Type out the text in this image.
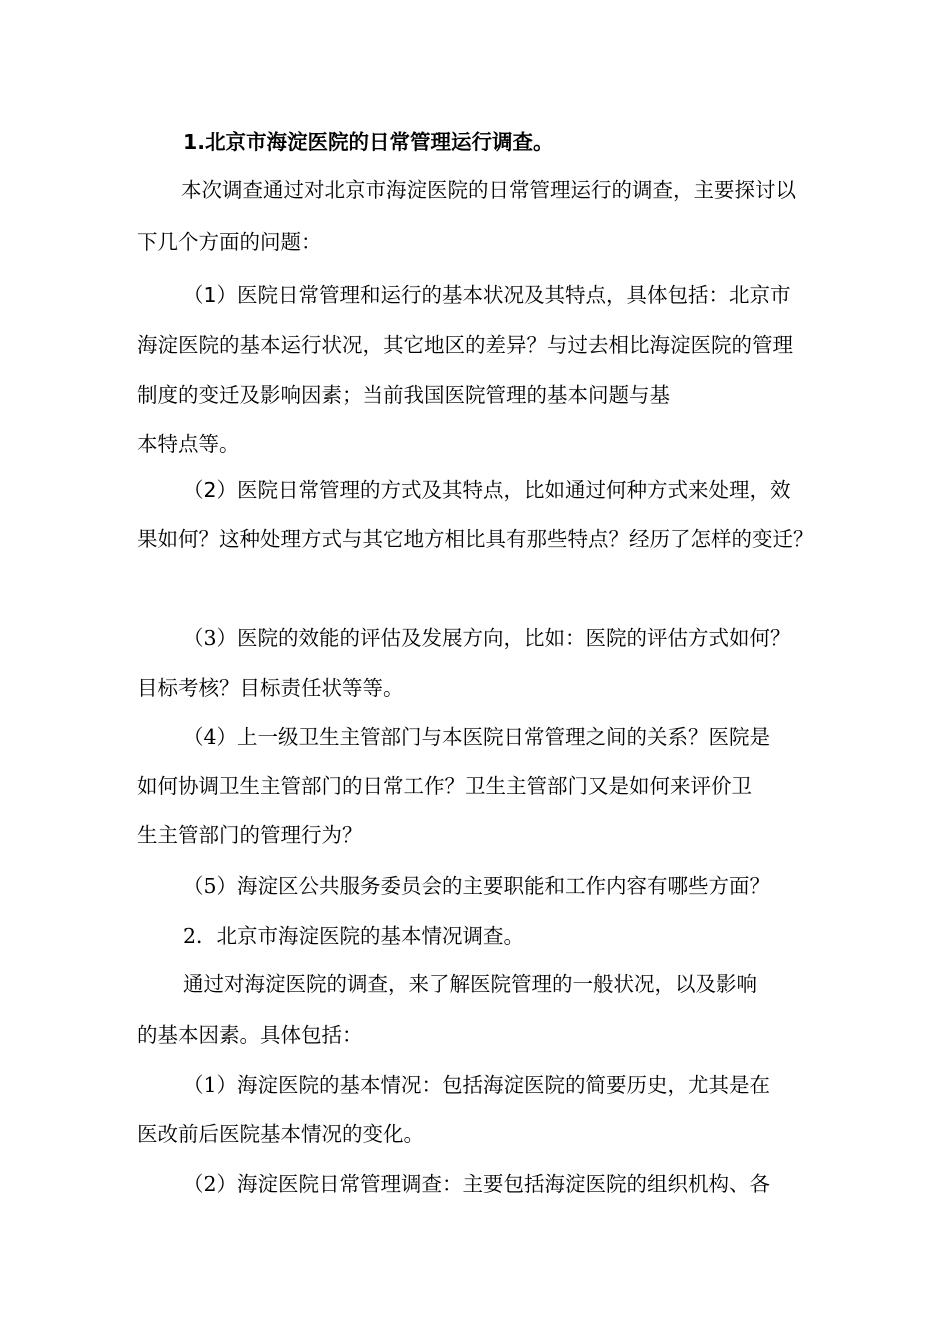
1.北京市海淀医院的日常管理运行调查。
本次调查通过对北京市海淀医院的日常管理运行的调查，主要探讨以
下几个方面的问题：
（1）医院日常管理和运行的基本状况及其特点，具体包括：北京市
海淀医院的基本运行状况，其它地区的差异？与过去相比海淀医院的管理
制度的变迁及影响因素；当前我国医院管理的基本问题与基
本特点等。
（2）医院日常管理的方式及其特点，比如通过何种方式来处理，效
果如何？这种处理方式与其它地方相比具有那些特点？经历了怎样的变迁？
（3）医院的效能的评估及发展方向，比如：医院的评估方式如何？
目标考核？目标责任状等等。
（4）上一级卫生主管部门与本医院日常管理之间的关系？医院是
如何协调卫生主管部门的日常工作？卫生主管部门又是如何来评价卫
生主管部门的管理行为？
（5）海淀区公共服务委员会的主要职能和工作内容有哪些方面？
2．北京市海淀医院的基本情况调查。
通过对海淀医院的调查，来了解医院管理的一般状况，以及影响
的基本因素。具体包括：
（1）海淀医院的基本情况：包括海淀医院的简要历史，尤其是在
医改前后医院基本情况的变化。
（2）海淀医院日常管理调查：主要包括海淀医院的组织机构、各
